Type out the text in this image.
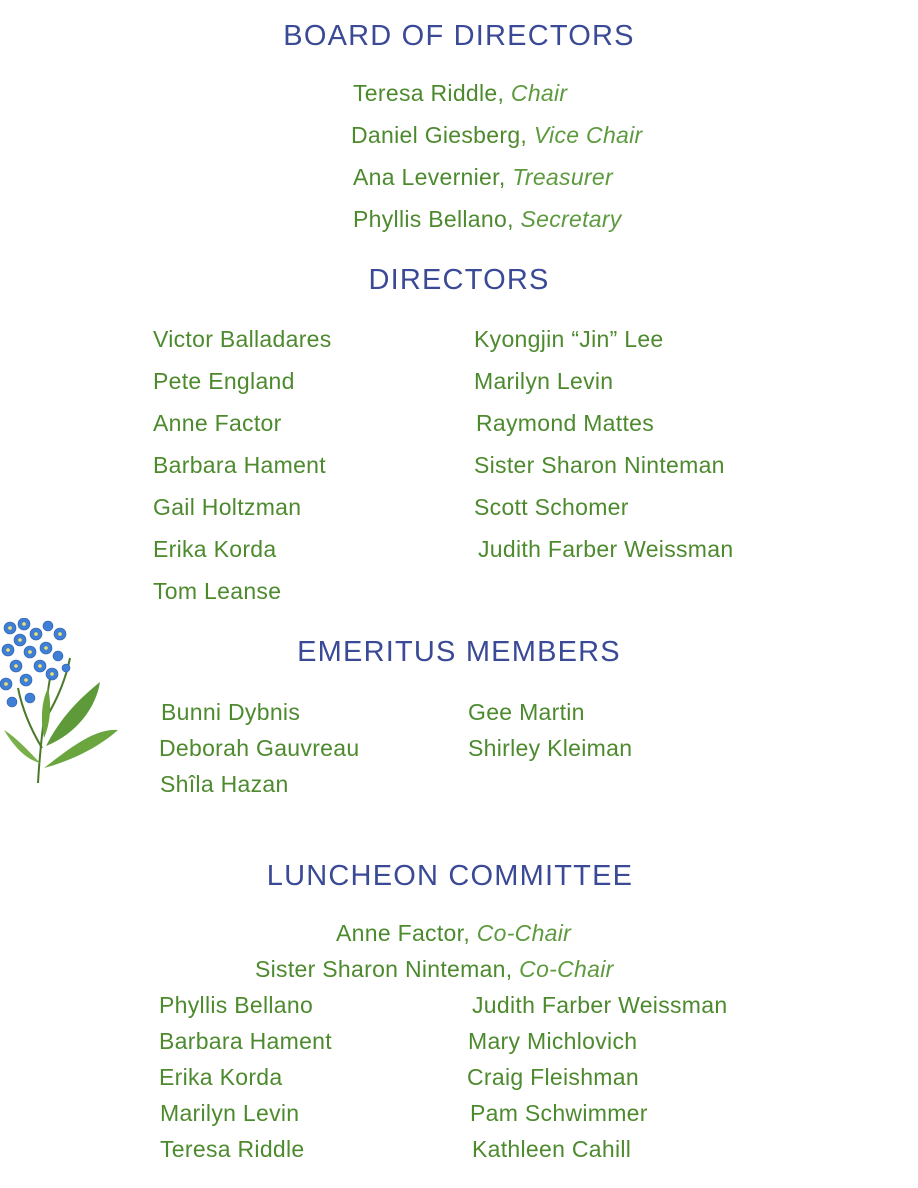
BOARD OF DIRECTORS
Teresa Riddle, Chair
Daniel Giesberg, Vice Chair
Ana Levernier, Treasurer
Phyllis Bellano, Secretary
DIRECTORS
Victor Balladares
Pete England
Anne Factor
Barbara Hament
Gail Holtzman
Erika Korda
Tom Leanse
Kyongjin “Jin” Lee
Marilyn Levin
Raymond Mattes
Sister Sharon Ninteman
Scott Schomer
Judith Farber Weissman
EMERITUS MEMBERS
Bunni Dybnis
Deborah Gauvreau
Shîla Hazan
Gee Martin
Shirley Kleiman
LUNCHEON COMMITTEE
Anne Factor, Co-Chair
Sister Sharon Ninteman, Co-Chair
Phyllis Bellano
Barbara Hament
Erika Korda
Marilyn Levin
Teresa Riddle
Judith Farber Weissman
Mary Michlovich
Craig Fleishman
Pam Schwimmer
Kathleen Cahill
